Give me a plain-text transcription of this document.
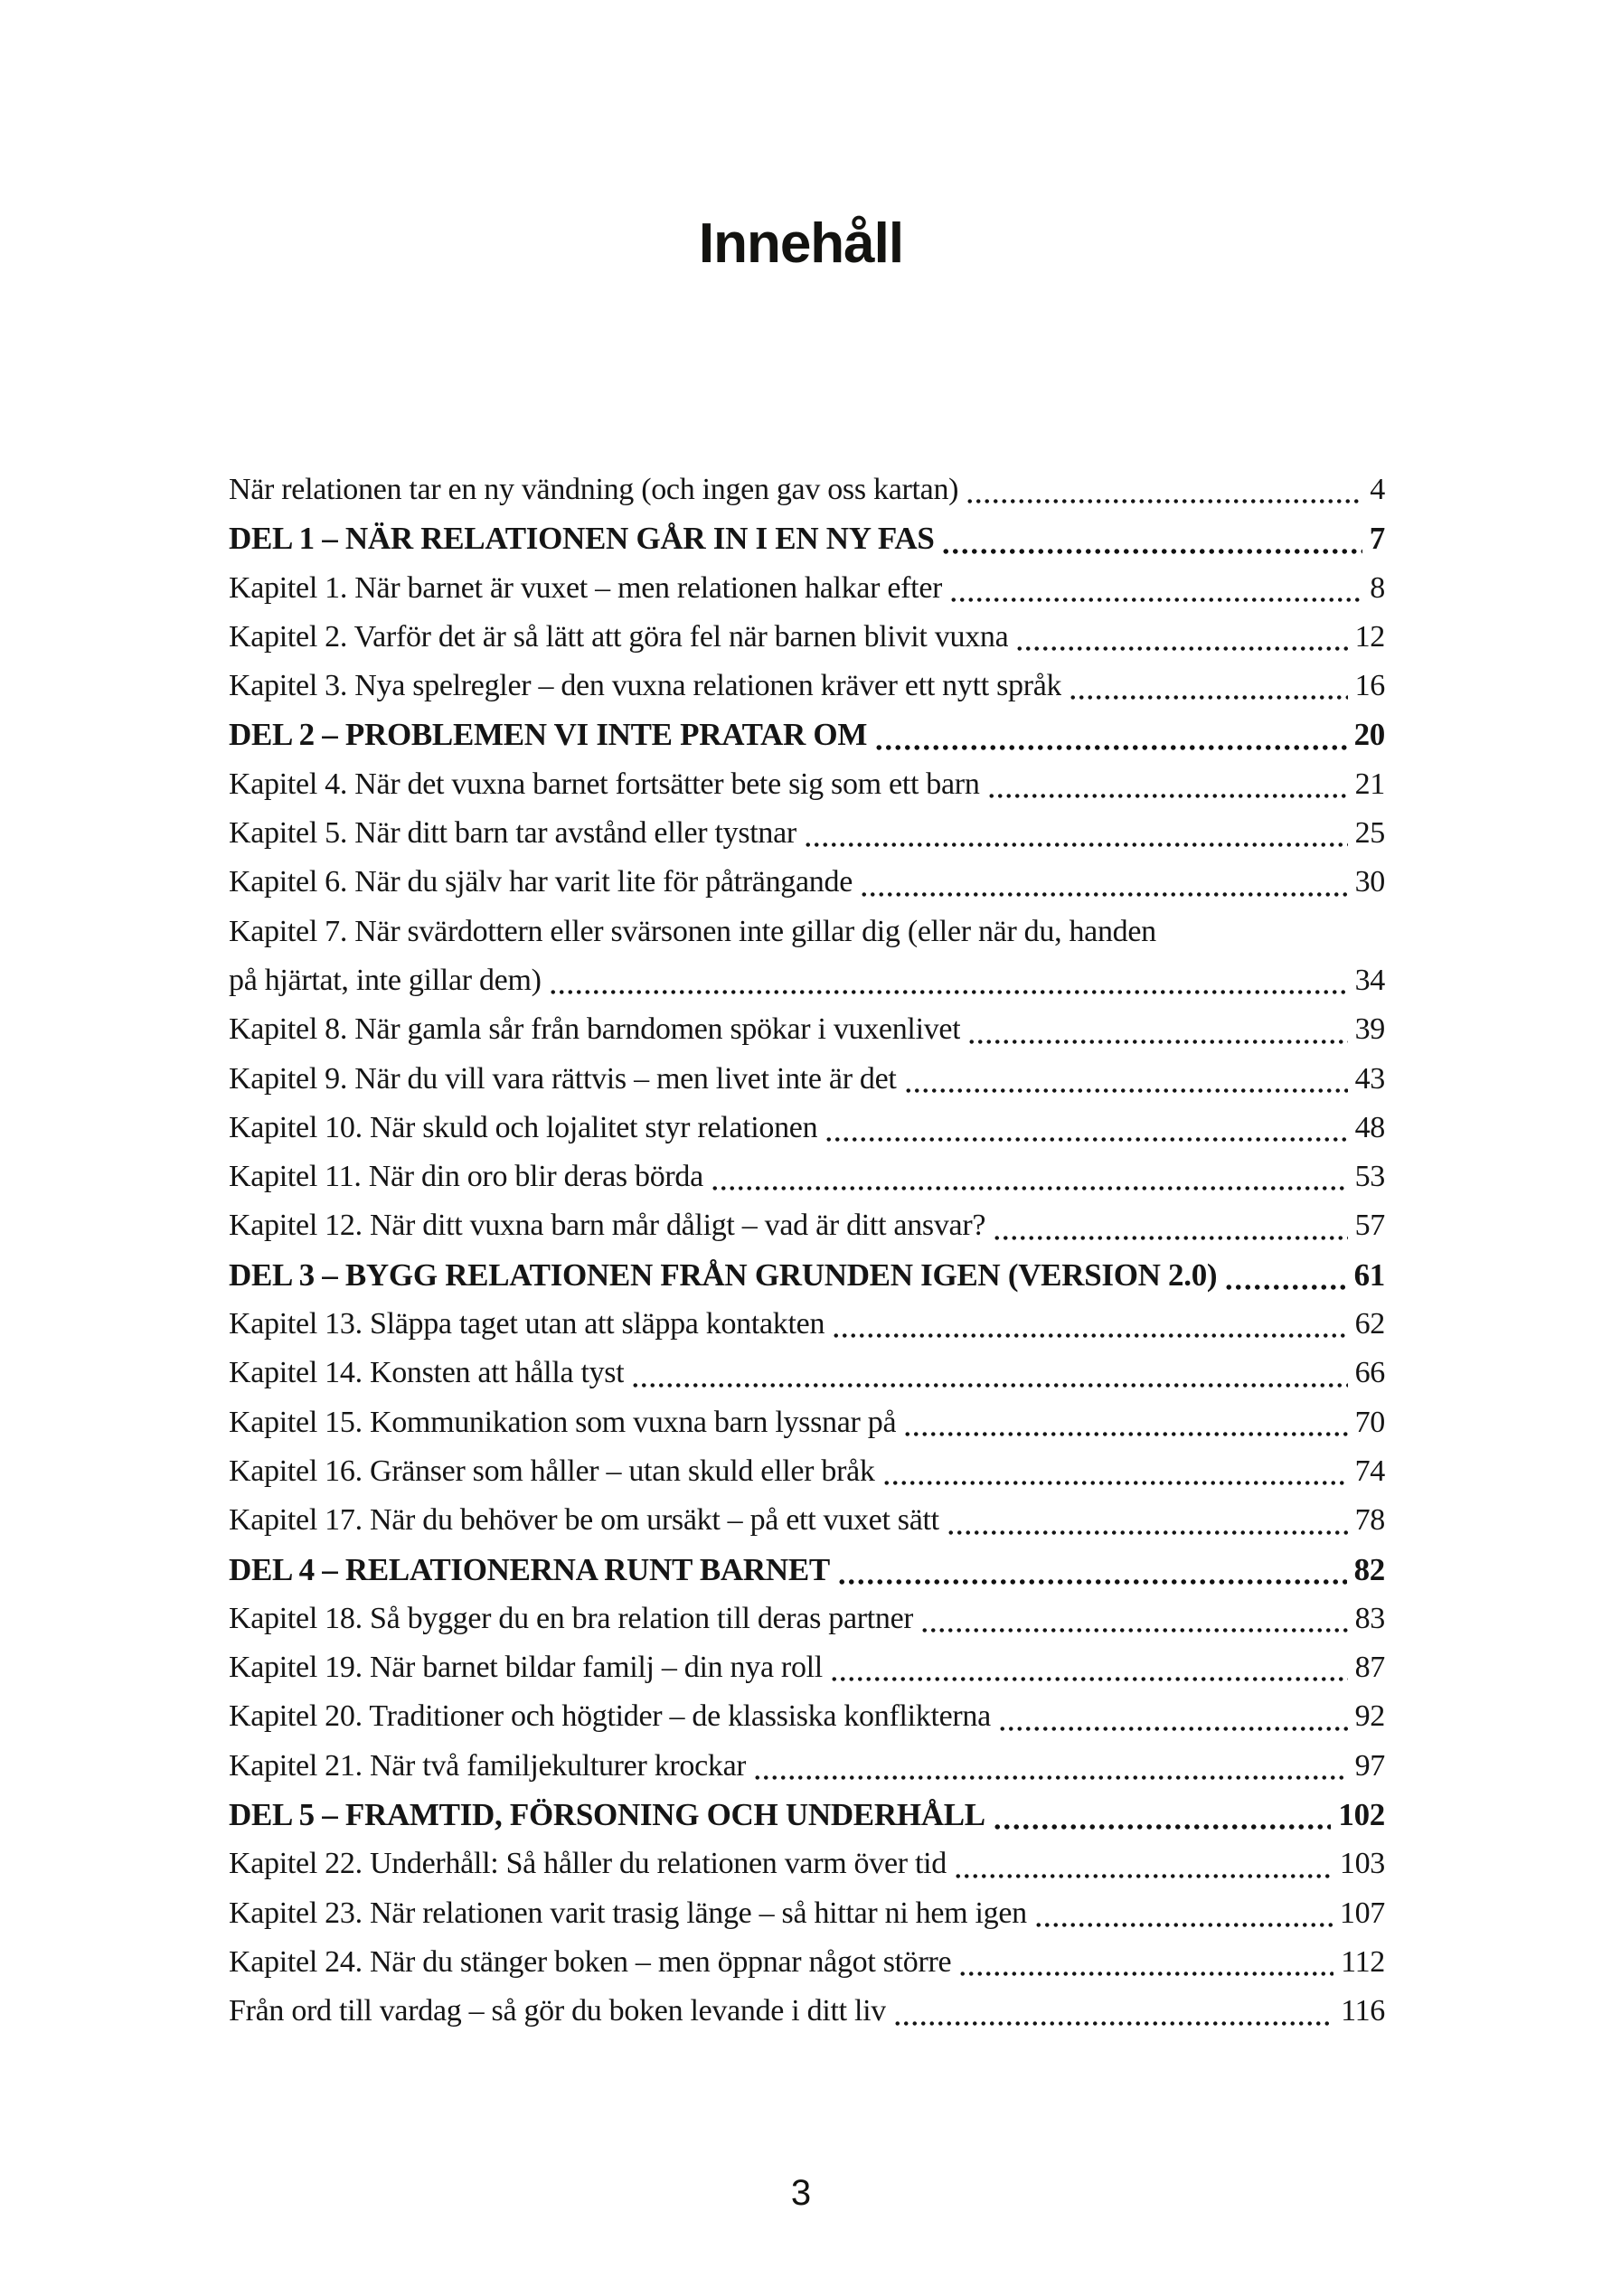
Innehåll
När relationen tar en ny vändning (och ingen gav oss kartan)	4
DEL 1 – NÄR RELATIONEN GÅR IN I EN NY FAS	7
Kapitel 1. När barnet är vuxet – men relationen halkar efter	8
Kapitel 2. Varför det är så lätt att göra fel när barnen blivit vuxna	12
Kapitel 3. Nya spelregler – den vuxna relationen kräver ett nytt språk	16
DEL 2 – PROBLEMEN VI INTE PRATAR OM	20
Kapitel 4. När det vuxna barnet fortsätter bete sig som ett barn	21
Kapitel 5. När ditt barn tar avstånd eller tystnar	25
Kapitel 6. När du själv har varit lite för påträngande	30
Kapitel 7. När svärdottern eller svärsonen inte gillar dig (eller när du, handen
på hjärtat, inte gillar dem)	34
Kapitel 8. När gamla sår från barndomen spökar i vuxenlivet	39
Kapitel 9. När du vill vara rättvis – men livet inte är det	43
Kapitel 10. När skuld och lojalitet styr relationen	48
Kapitel 11. När din oro blir deras börda	53
Kapitel 12. När ditt vuxna barn mår dåligt – vad är ditt ansvar?	57
DEL 3 – BYGG RELATIONEN FRÅN GRUNDEN IGEN (VERSION 2.0)	61
Kapitel 13. Släppa taget utan att släppa kontakten	62
Kapitel 14. Konsten att hålla tyst	66
Kapitel 15. Kommunikation som vuxna barn lyssnar på	70
Kapitel 16. Gränser som håller – utan skuld eller bråk	74
Kapitel 17. När du behöver be om ursäkt – på ett vuxet sätt	78
DEL 4 – RELATIONERNA RUNT BARNET	82
Kapitel 18. Så bygger du en bra relation till deras partner	83
Kapitel 19. När barnet bildar familj – din nya roll	87
Kapitel 20. Traditioner och högtider – de klassiska konflikterna	92
Kapitel 21. När två familjekulturer krockar	97
DEL 5 – FRAMTID, FÖRSONING OCH UNDERHÅLL	102
Kapitel 22. Underhåll: Så håller du relationen varm över tid	103
Kapitel 23. När relationen varit trasig länge – så hittar ni hem igen	107
Kapitel 24. När du stänger boken – men öppnar något större	112
Från ord till vardag – så gör du boken levande i ditt liv	116
3
